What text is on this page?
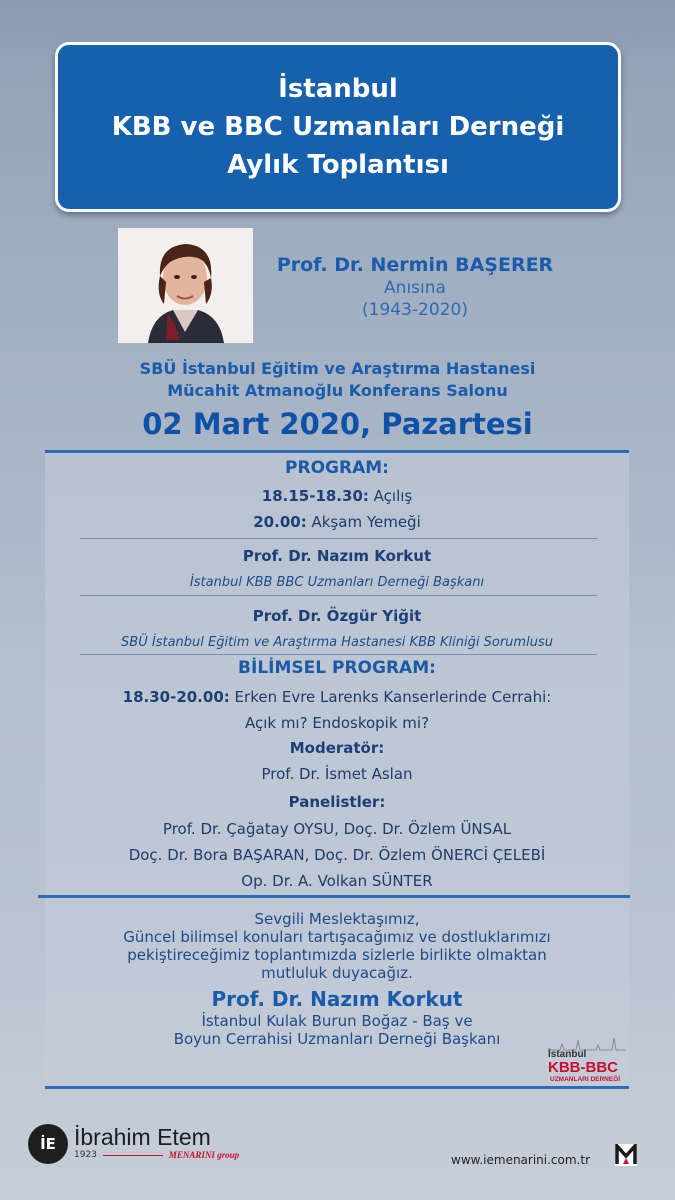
İstanbul
KBB ve BBC Uzmanları Derneği
Aylık Toplantısı
Prof. Dr. Nermin BAŞERER
Anısına
(1943-2020)
SBÜ İstanbul Eğitim ve Araştırma Hastanesi
Mücahit Atmanoğlu Konferans Salonu
02 Mart 2020, Pazartesi
PROGRAM:
18.15-18.30: Açılış
20.00: Akşam Yemeği
Prof. Dr. Nazım Korkut
İstanbul KBB BBC Uzmanları Derneği Başkanı
Prof. Dr. Özgür Yiğit
SBÜ İstanbul Eğitim ve Araştırma Hastanesi KBB Kliniği Sorumlusu
BİLİMSEL PROGRAM:
18.30-20.00: Erken Evre Larenks Kanserlerinde Cerrahi:
Açık mı? Endoskopik mi?
Moderatör:
Prof. Dr. İsmet Aslan
Panelistler:
Prof. Dr. Çağatay OYSU, Doç. Dr. Özlem ÜNSAL
Doç. Dr. Bora BAŞARAN, Doç. Dr. Özlem ÖNERCİ ÇELEBİ
Op. Dr. A. Volkan SÜNTER
Sevgili Meslektaşımız,
Güncel bilimsel konuları tartışacağımız ve dostluklarımızı
pekiştireceğimiz toplantımızda sizlerle birlikte olmaktan
mutluluk duyacağız.
Prof. Dr. Nazım Korkut
İstanbul Kulak Burun Boğaz - Baş ve
Boyun Cerrahisi Uzmanları Derneği Başkanı
İstanbul
KBB-BBC
UZMANLARI DERNEĞİ
İE İbrahim Etem
1923	MENARINI group	www.iemenarini.com.tr
